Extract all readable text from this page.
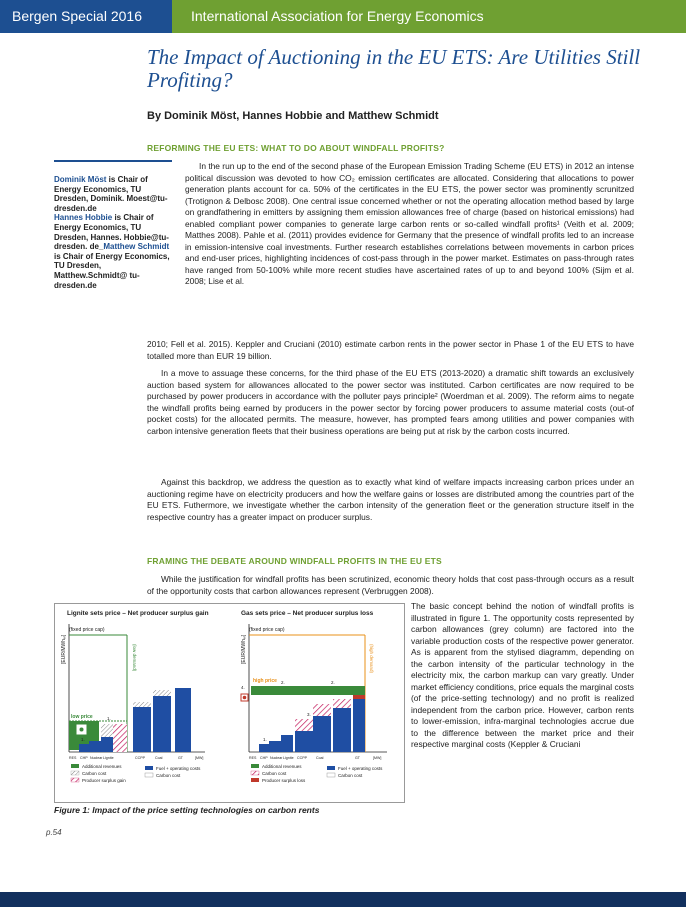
Bergen Special 2016	International Association for Energy Economics
The Impact of Auctioning in the EU ETS: Are Utilities Still Profiting?
By Dominik Möst, Hannes Hobbie and Matthew Schmidt
REFORMING THE EU ETS: WHAT TO DO ABOUT WINDFALL PROFITS?
Dominik Möst is Chair of Energy Economics, TU Dresden, Dominik. Moest@tu-dresden.de
Hannes Hobbie is Chair of Energy Economics, TU Dresden, Hannes. Hobbie@tu-dresden. de_Matthew Schmidt is Chair of Energy Economics, TU Dresden, Matthew.Schmidt@ tu-dresden.de

In the run up to the end of the second phase of the European Emission Trading Scheme (EU ETS) in 2012 an intense political discussion was devoted to how CO₂ emission certificates are allocated. Considering that allocations to power generation plants account for ca. 50% of the certificates in the EU ETS, the power sector was prominently scrunitzed (Trotignon & Delbosc 2008). One central issue concerned whether or not the operating allocation method based by large on grandfathering in emitters by assigning them emission allowances free of charge (based on historical emissions) had enabled compliant power companies to generate large carbon rents or so-called windfall profits¹ (Veith et al. 2009; Matthes 2008). Pahle et al. (2011) provides evidence for Germany that the presence of windfall profits led to an increase in emission-intensive coal investments. Further research establishes correlations between movements in carbon prices and end-user prices, highlighting incidences of cost-pass through in the power market. Estimates on pass-through rates have ranged from 50-100% while more recent studies have ascertained rates of up to and beyond 100% (Sijm et al. 2008; Lise et al.

2010; Fell et al. 2015). Keppler and Cruciani (2010) estimate carbon rents in the power sector in Phase 1 of the EU ETS to have totalled more than EUR 19 billion.

In a move to assuage these concerns, for the third phase of the EU ETS (2013-2020) a dramatic shift towards an exclusively auction based system for allowances allocated to the power sector was instituted. Carbon certificates are now required to be purchased by power producers in accordance with the polluter pays principle² (Woerdman et al. 2009). The reform aims to negate the windfall profits being earned by producers in the power sector by forcing power producers to assume material costs (out-of pocket costs) for the allocated permits. The measure, however, has prompted fears among utilities and power companies with carbon intensive generation fleets that their business operations are being put at risk by the carbon costs incurred.

Against this backdrop, we address the question as to exactly what kind of welfare impacts increasing carbon prices under an auctioning regime have on electricity producers and how the welfare gains or losses are distributed among the countries part of the EU ETS. Futhermore, we investigate whether the carbon intensity of the generation fleet or the generation structure itself in the respective country has a greater impact on producer surplus.

FRAMING THE DEBATE AROUND WINDFALL PROFITS IN THE EU ETS

While the justification for windfall profits has been scrutinized, economic theory holds that cost pass-through occurs as a result of the opportunity costs that carbon allowances represent (Verbruggen 2008).

The basic concept behind the notion of windfall profits is illustrated in figure 1. The opportunity costs represented by carbon allowances (grey column) are factored into the variable production costs of the respective power generator. As is apparent from the stylised diagramm, depending on the carbon intensity of the particular technology in the electricity mix, the carbon markup can vary greatly. Under market efficiency conditions, price equals the marginal costs (of the price-setting technology) and no profit is realized independent from the carbon price. However, carbon rents to lower-emission, infra-marginal technologies accrue due to the difference between the market price and their respective marginal costs (Keppler & Cruciani

Lignite sets price – Net producer surplus gain
(fixed price cap)
[EUR/MWhₑₗ]	(low demand)
low price	1.
1.
RES CHP Nuclear Lignite	CCPP	Coal	GT	[MW]
Additional revenues
Carbon cost
Producer surplus gain
Fuel + operating costs
Carbon cost
Gas sets price – Net producer surplus loss
(fixed price cap)
[EUR/MWhₑₗ]	(high demand)
high price
4.
3.
2.	2.
1.
RES CHP Nuclear Lignite CCPP	Coal	GT	[MW]
Additional revenues
Carbon cost
Producer surplus loss
Fuel + operating costs
Carbon cost
Figure 1: Impact of the price setting technologies on carbon rents
p.54
